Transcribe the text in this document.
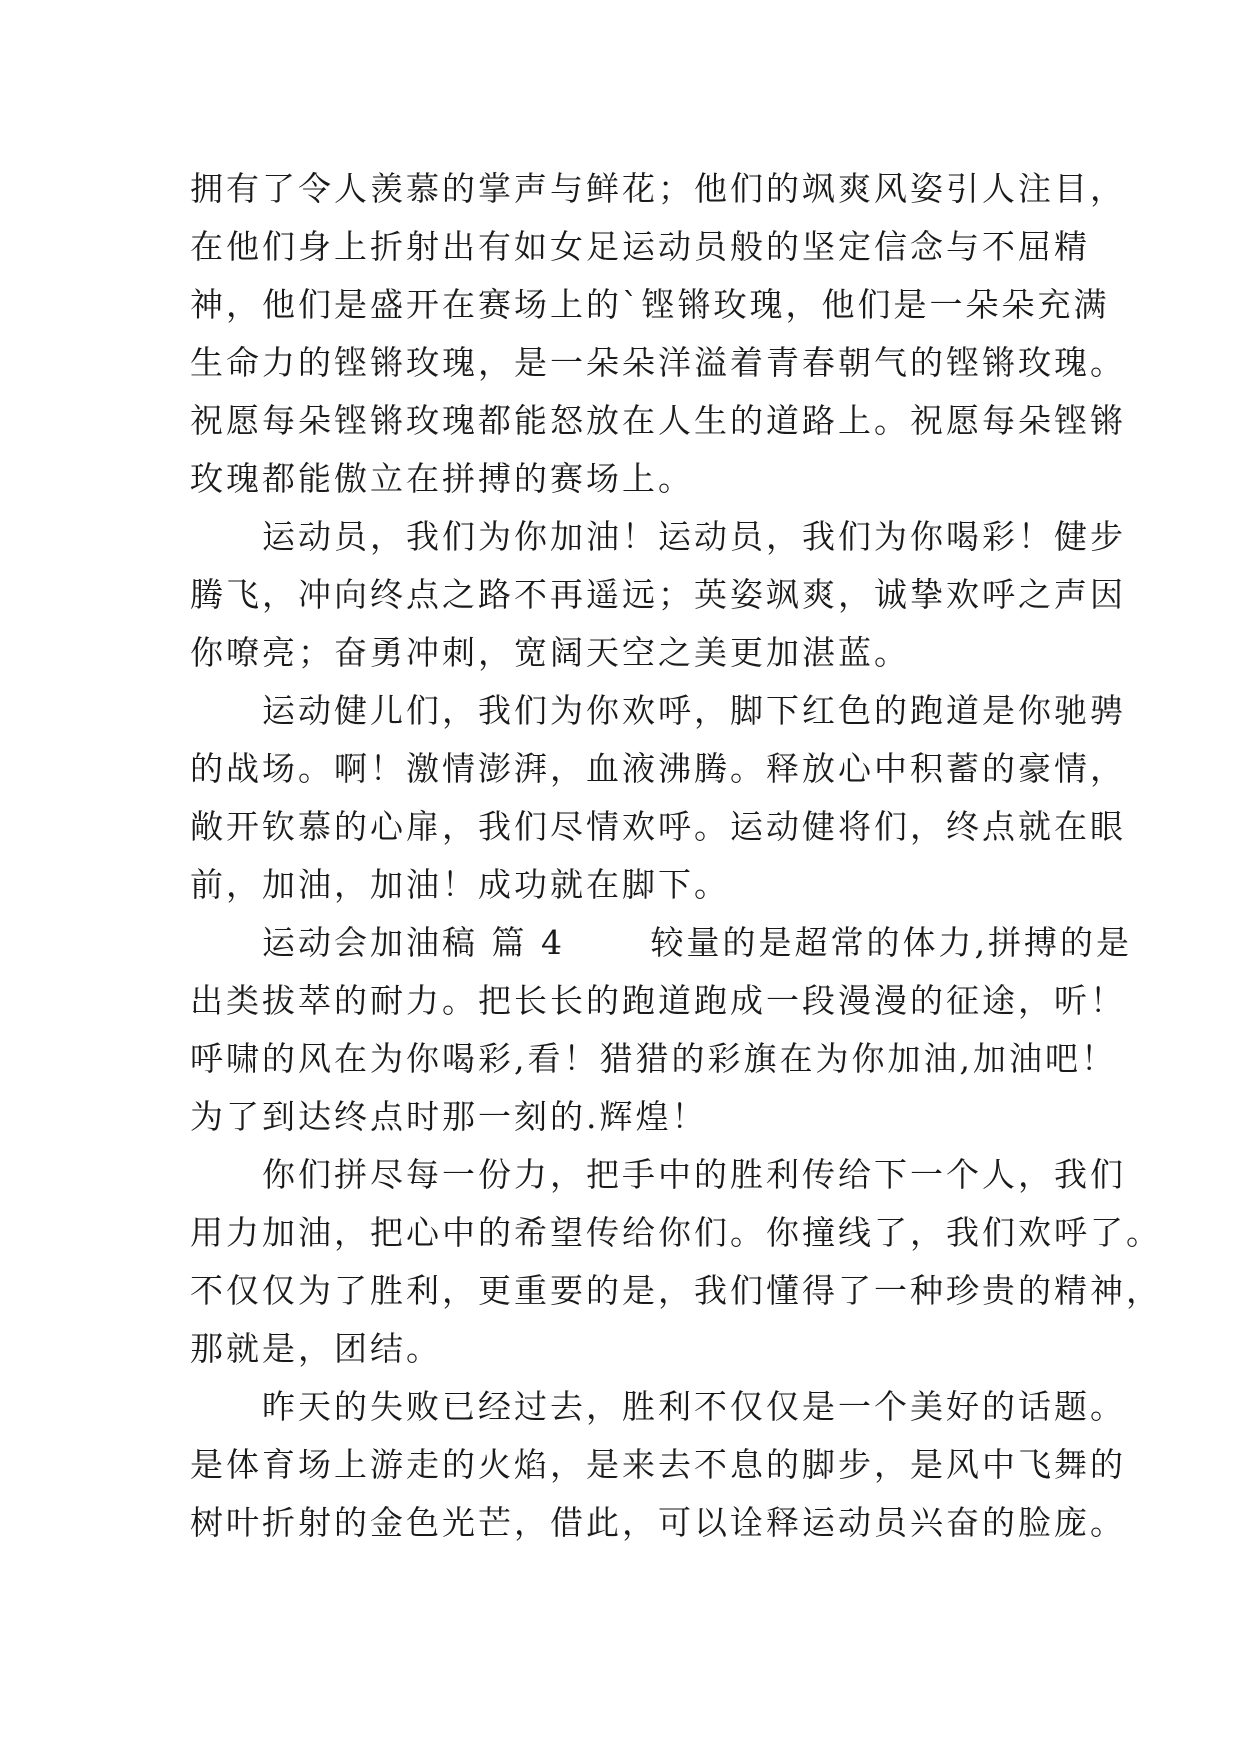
拥有了令人羡慕的掌声与鲜花；他们的飒爽风姿引人注目，
在他们身上折射出有如女足运动员般的坚定信念与不屈精
神，他们是盛开在赛场上的`铿锵玫瑰，他们是一朵朵充满
生命力的铿锵玫瑰，是一朵朵洋溢着青春朝气的铿锵玫瑰。
祝愿每朵铿锵玫瑰都能怒放在人生的道路上。祝愿每朵铿锵
玫瑰都能傲立在拼搏的赛场上。
　　运动员，我们为你加油！运动员，我们为你喝彩！健步
腾飞，冲向终点之路不再遥远；英姿飒爽，诚挚欢呼之声因
你嘹亮；奋勇冲刺，宽阔天空之美更加湛蓝。
　　运动健儿们，我们为你欢呼，脚下红色的跑道是你驰骋
的战场。啊！激情澎湃，血液沸腾。释放心中积蓄的豪情，
敞开钦慕的心扉，我们尽情欢呼。运动健将们，终点就在眼
前，加油，加油！成功就在脚下。
　　运动会加油稿 篇 4　　 较量的是超常的体力,拼搏的是
出类拔萃的耐力。把长长的跑道跑成一段漫漫的征途，听！
呼啸的风在为你喝彩,看！猎猎的彩旗在为你加油,加油吧！
为了到达终点时那一刻的.辉煌！
　　你们拼尽每一份力，把手中的胜利传给下一个人，我们
用力加油，把心中的希望传给你们。你撞线了，我们欢呼了。
不仅仅为了胜利，更重要的是，我们懂得了一种珍贵的精神，
那就是，团结。
　　昨天的失败已经过去，胜利不仅仅是一个美好的话题。
是体育场上游走的火焰，是来去不息的脚步，是风中飞舞的
树叶折射的金色光芒，借此，可以诠释运动员兴奋的脸庞。
